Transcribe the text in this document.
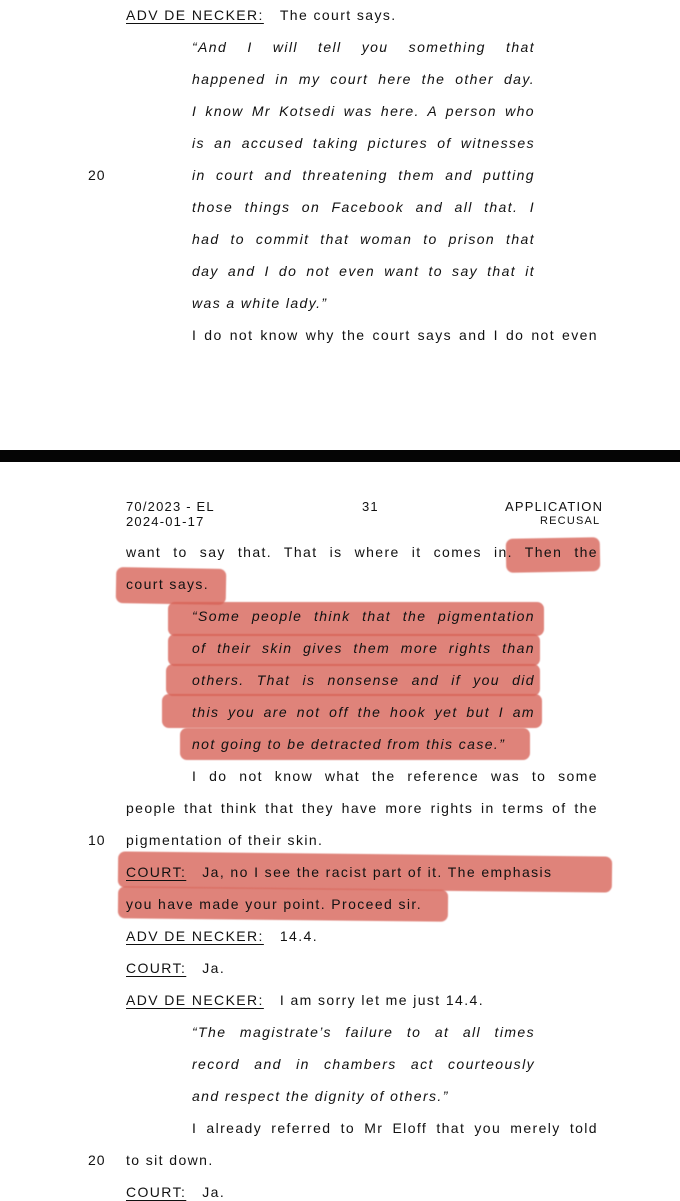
ADV DE NECKER: The court says.
“And I will tell you something that
happened in my court here the other day.
I know Mr Kotsedi was here. A person who
is an accused taking pictures of witnesses
20	in court and threatening them and putting
those things on Facebook and all that. I
had to commit that woman to prison that
day and I do not even want to say that it
was a white lady.”
I do not know why the court says and I do not even
70/2023 - EL
2024-01-17
31	APPLICATION
RECUSAL
want to say that. That is where it comes in. Then the
court says.
“Some people think that the pigmentation
of their skin gives them more rights than
others. That is nonsense and if you did
this you are not off the hook yet but I am
not going to be detracted from this case.”
I do not know what the reference was to some
people that think that they have more rights in terms of the
10 pigmentation of their skin.
COURT: Ja, no I see the racist part of it. The emphasis
you have made your point. Proceed sir.
ADV DE NECKER: 14.4.
COURT: Ja.
ADV DE NECKER: I am sorry let me just 14.4.
“The magistrate’s failure to at all times
record and in chambers act courteously
and respect the dignity of others.”
I already referred to Mr Eloff that you merely told
20 to sit down.
COURT: Ja.
